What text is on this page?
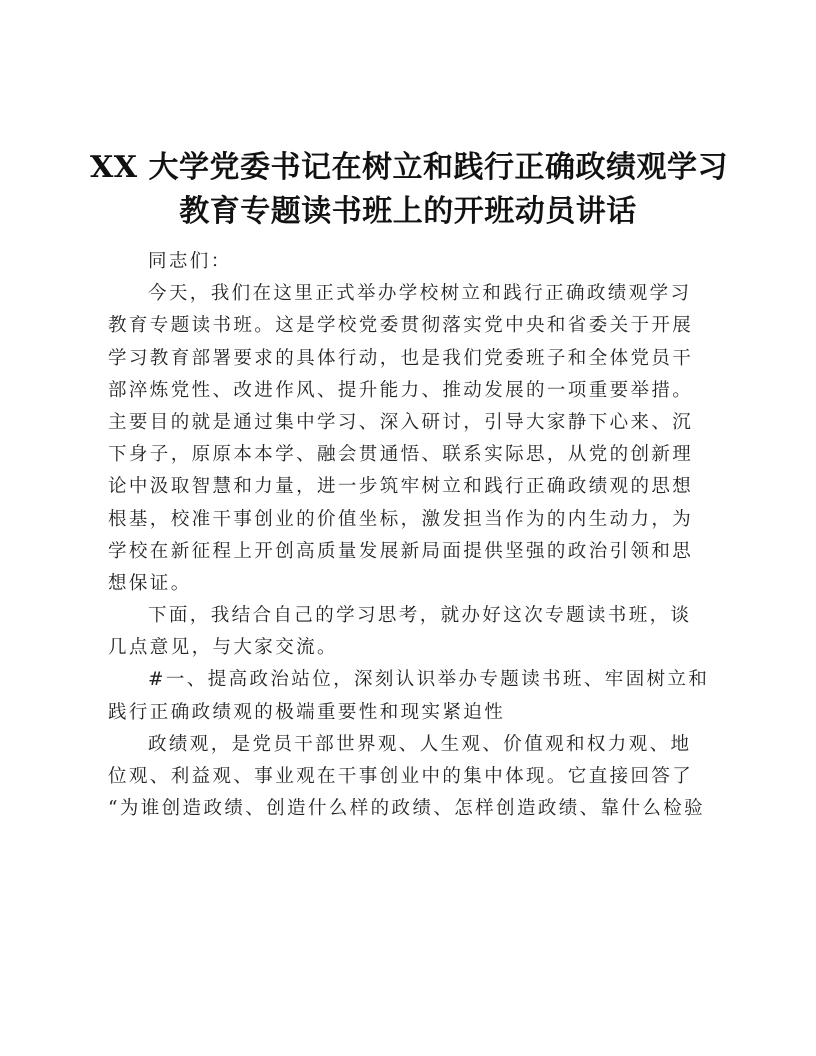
XX 大学党委书记在树立和践行正确政绩观学习
教育专题读书班上的开班动员讲话
同志们：
今天，我们在这里正式举办学校树立和践行正确政绩观学习
教育专题读书班。这是学校党委贯彻落实党中央和省委关于开展
学习教育部署要求的具体行动，也是我们党委班子和全体党员干
部淬炼党性、改进作风、提升能力、推动发展的一项重要举措。
主要目的就是通过集中学习、深入研讨，引导大家静下心来、沉
下身子，原原本本学、融会贯通悟、联系实际思，从党的创新理
论中汲取智慧和力量，进一步筑牢树立和践行正确政绩观的思想
根基，校准干事创业的价值坐标，激发担当作为的内生动力，为
学校在新征程上开创高质量发展新局面提供坚强的政治引领和思
想保证。
下面，我结合自己的学习思考，就办好这次专题读书班，谈
几点意见，与大家交流。
#一、提高政治站位，深刻认识举办专题读书班、牢固树立和
践行正确政绩观的极端重要性和现实紧迫性
政绩观，是党员干部世界观、人生观、价值观和权力观、地
位观、利益观、事业观在干事创业中的集中体现。它直接回答了
“为谁创造政绩、创造什么样的政绩、怎样创造政绩、靠什么检验
